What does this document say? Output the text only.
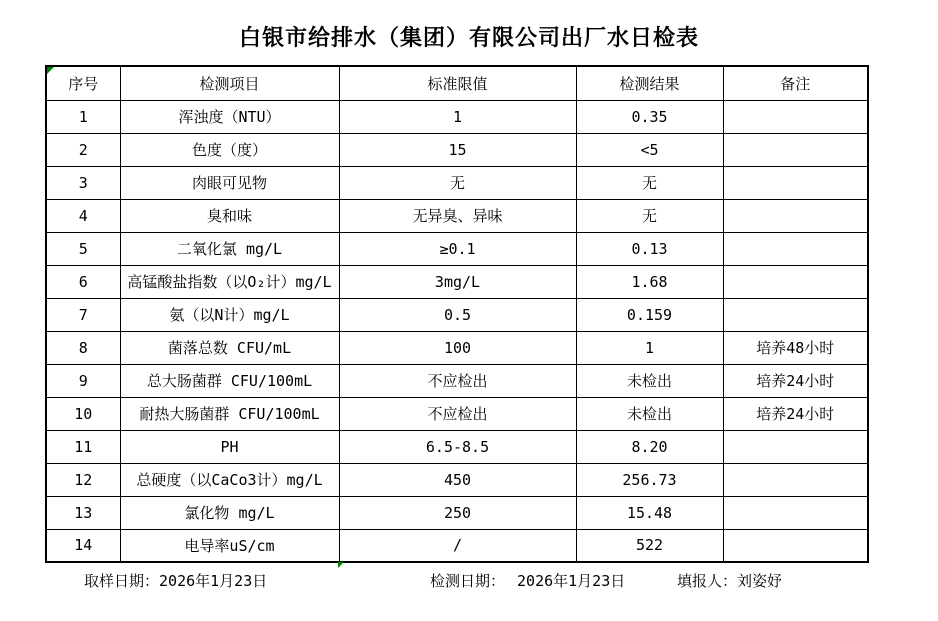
白银市给排水（集团）有限公司出厂水日检表
序号	检测项目	标准限值	检测结果	备注
1	浑浊度（NTU）	1	0.35	
2	色度（度）	15	<5	
3	肉眼可见物	无	无	
4	臭和味	无异臭、异味	无	
5	二氧化氯 mg/L	≥0.1	0.13	
6	高锰酸盐指数（以O₂计）mg/L	3mg/L	1.68	
7	氨（以N计）mg/L	0.5	0.159	
8	菌落总数 CFU/mL	100	1	培养48小时
9	总大肠菌群 CFU/100mL	不应检出	未检出	培养24小时
10	耐热大肠菌群 CFU/100mL	不应检出	未检出	培养24小时
11	PH	6.5-8.5	8.20	
12	总硬度（以CaCo3计）mg/L	450	256.73	
13	氯化物 mg/L	250	15.48	
14	电导率uS/cm	/	522	
取样日期：2026年1月23日	检测日期： 2026年1月23日	填报人：刘姿妤
